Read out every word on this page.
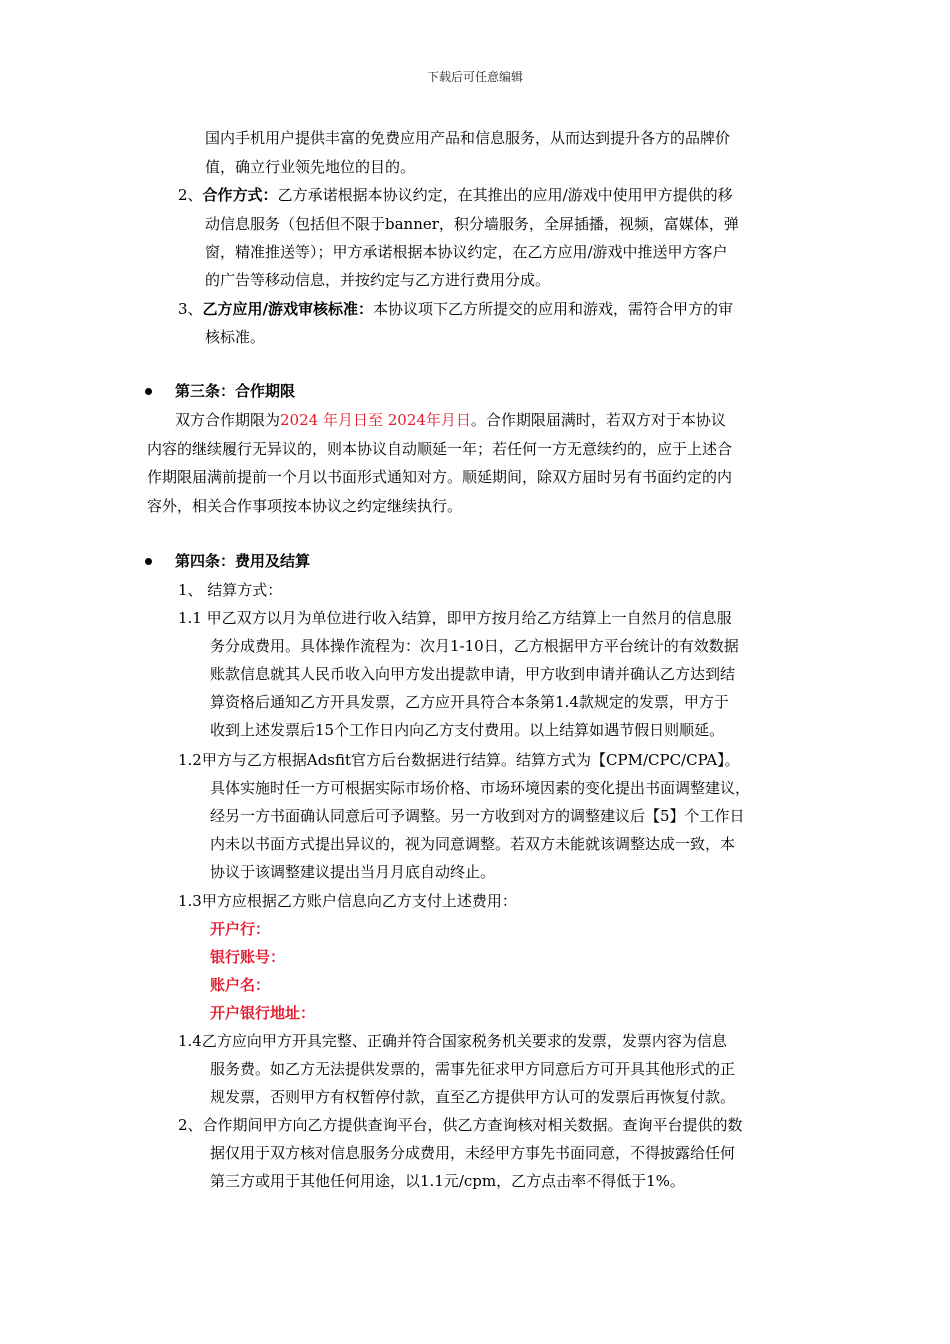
下载后可任意编辑
国内手机用户提供丰富的免费应用产品和信息服务，从而达到提升各方的品牌价
值，确立行业领先地位的目的。
2、合作方式：乙方承诺根据本协议约定，在其推出的应用/游戏中使用甲方提供的移
动信息服务（包括但不限于banner，积分墙服务，全屏插播，视频，富媒体，弹
窗，精准推送等）；甲方承诺根据本协议约定，在乙方应用/游戏中推送甲方客户
的广告等移动信息，并按约定与乙方进行费用分成。
3、乙方应用/游戏审核标准：本协议项下乙方所提交的应用和游戏，需符合甲方的审
核标准。
第三条：合作期限
双方合作期限为2024 年月日至 2024年月日。合作期限届满时，若双方对于本协议
内容的继续履行无异议的，则本协议自动顺延一年；若任何一方无意续约的，应于上述合
作期限届满前提前一个月以书面形式通知对方。顺延期间，除双方届时另有书面约定的内
容外，相关合作事项按本协议之约定继续执行。
第四条：费用及结算
1、 结算方式：
1.1 甲乙双方以月为单位进行收入结算，即甲方按月给乙方结算上一自然月的信息服
务分成费用。具体操作流程为：次月1-10日，乙方根据甲方平台统计的有效数据
账款信息就其人民币收入向甲方发出提款申请，甲方收到申请并确认乙方达到结
算资格后通知乙方开具发票，乙方应开具符合本条第1.4款规定的发票，甲方于
收到上述发票后15个工作日内向乙方支付费用。以上结算如遇节假日则顺延。
1.2甲方与乙方根据Adsfit官方后台数据进行结算。结算方式为【CPM/CPC/CPA】。
具体实施时任一方可根据实际市场价格、市场环境因素的变化提出书面调整建议，
经另一方书面确认同意后可予调整。另一方收到对方的调整建议后【5】个工作日
内未以书面方式提出异议的，视为同意调整。若双方未能就该调整达成一致，本
协议于该调整建议提出当月月底自动终止。
1.3甲方应根据乙方账户信息向乙方支付上述费用：
开户行：
银行账号：
账户名：
开户银行地址：
1.4乙方应向甲方开具完整、正确并符合国家税务机关要求的发票，发票内容为信息
服务费。如乙方无法提供发票的，需事先征求甲方同意后方可开具其他形式的正
规发票，否则甲方有权暂停付款，直至乙方提供甲方认可的发票后再恢复付款。
2、合作期间甲方向乙方提供查询平台，供乙方查询核对相关数据。查询平台提供的数
据仅用于双方核对信息服务分成费用，未经甲方事先书面同意，不得披露给任何
第三方或用于其他任何用途，以1.1元/cpm，乙方点击率不得低于1%。
